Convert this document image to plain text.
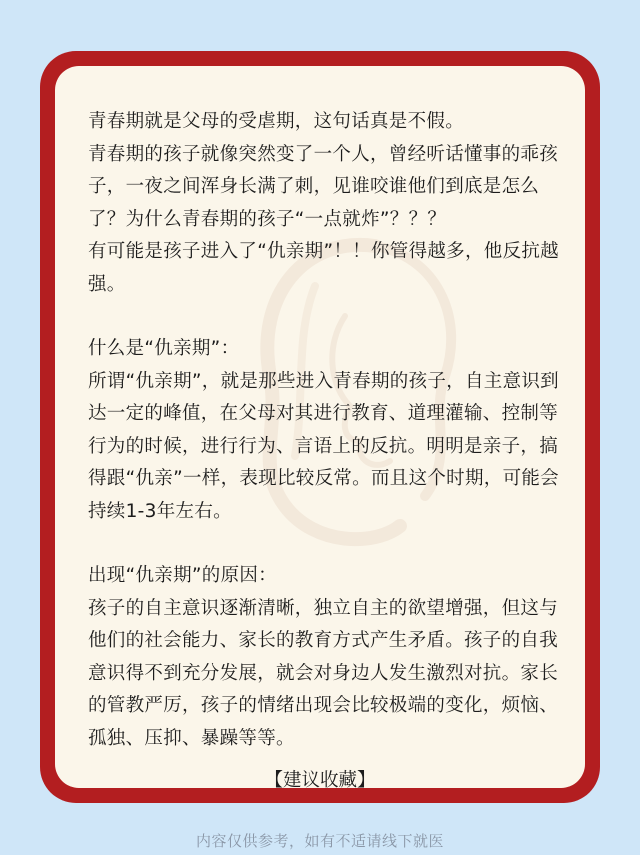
青春期就是父母的受虐期，这句话真是不假。

青春期的孩子就像突然变了一个人，曾经听话懂事的乖孩子，一夜之间浑身长满了刺，见谁咬谁他们到底是怎么了？为什么青春期的孩子“一点就炸”？？？

有可能是孩子进入了“仇亲期”！！你管得越多，他反抗越强。

什么是“仇亲期”：

所谓“仇亲期”，就是那些进入青春期的孩子，自主意识到达一定的峰值，在父母对其进行教育、道理灌输、控制等行为的时候，进行行为、言语上的反抗。明明是亲子，搞得跟“仇亲”一样，表现比较反常。而且这个时期，可能会持续1-3年左右。

出现“仇亲期”的原因：

孩子的自主意识逐渐清晰，独立自主的欲望增强，但这与他们的社会能力、家长的教育方式产生矛盾。孩子的自我意识得不到充分发展，就会对身边人发生激烈对抗。家长的管教严厉，孩子的情绪出现会比较极端的变化，烦恼、孤独、压抑、暴躁等等。

【建议收藏】
内容仅供参考，如有不适请线下就医
